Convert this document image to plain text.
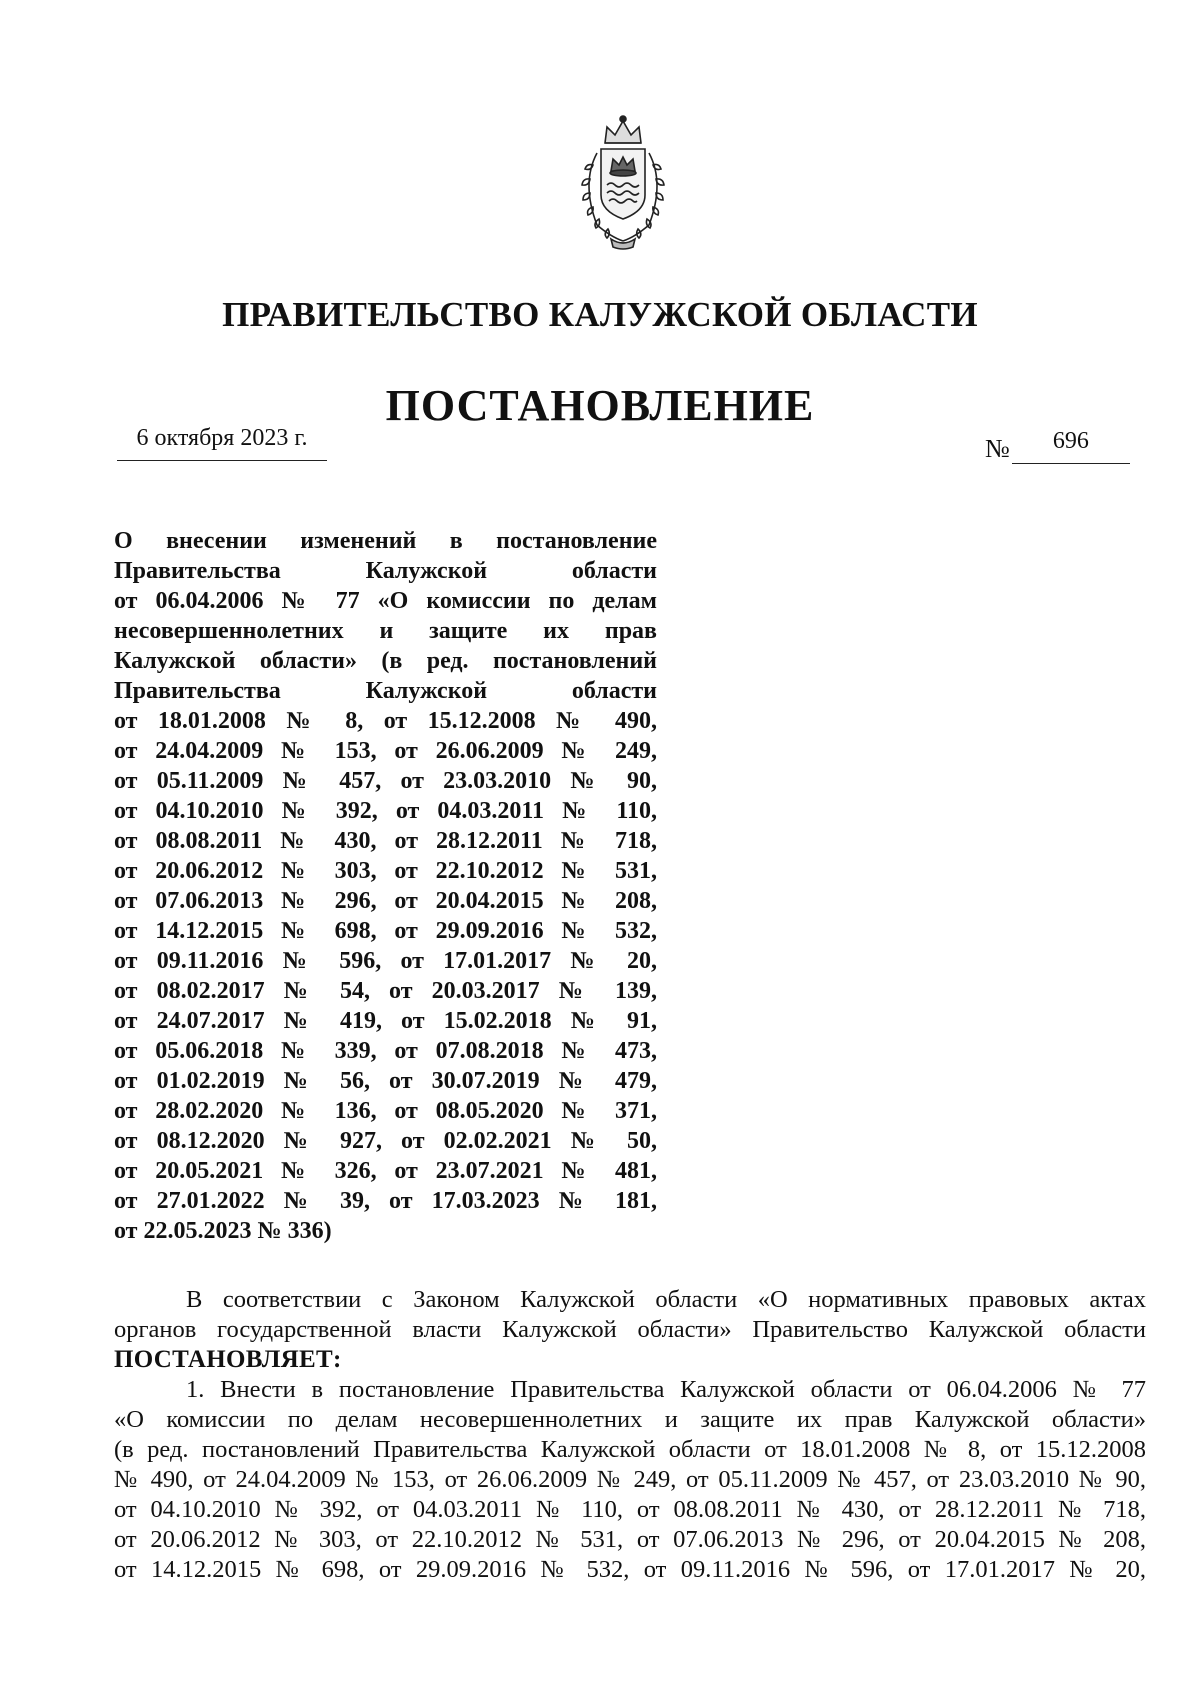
ПРАВИТЕЛЬСТВО КАЛУЖСКОЙ ОБЛАСТИ
ПОСТАНОВЛЕНИЕ
6 октября 2023 г.	№ 696
О внесении изменений в постановление
Правительства Калужской области
от 06.04.2006 № 77 «О комиссии по делам
несовершеннолетних и защите их прав
Калужской области» (в ред. постановлений
Правительства Калужской области
от 18.01.2008 № 8, от 15.12.2008 № 490,
от 24.04.2009 № 153, от 26.06.2009 № 249,
от 05.11.2009 № 457, от 23.03.2010 № 90,
от 04.10.2010 № 392, от 04.03.2011 № 110,
от 08.08.2011 № 430, от 28.12.2011 № 718,
от 20.06.2012 № 303, от 22.10.2012 № 531,
от 07.06.2013 № 296, от 20.04.2015 № 208,
от 14.12.2015 № 698, от 29.09.2016 № 532,
от 09.11.2016 № 596, от 17.01.2017 № 20,
от 08.02.2017 № 54, от 20.03.2017 № 139,
от 24.07.2017 № 419, от 15.02.2018 № 91,
от 05.06.2018 № 339, от 07.08.2018 № 473,
от 01.02.2019 № 56, от 30.07.2019 № 479,
от 28.02.2020 № 136, от 08.05.2020 № 371,
от 08.12.2020 № 927, от 02.02.2021 № 50,
от 20.05.2021 № 326, от 23.07.2021 № 481,
от 27.01.2022 № 39, от 17.03.2023 № 181,
от 22.05.2023 № 336)
В соответствии с Законом Калужской области «О нормативных правовых актах
органов государственной власти Калужской области» Правительство Калужской области
ПОСТАНОВЛЯЕТ:
1. Внести в постановление Правительства Калужской области от 06.04.2006 № 77
«О комиссии по делам несовершеннолетних и защите их прав Калужской области»
(в ред. постановлений Правительства Калужской области от 18.01.2008 № 8, от 15.12.2008
№ 490, от 24.04.2009 № 153, от 26.06.2009 № 249, от 05.11.2009 № 457, от 23.03.2010 № 90,
от 04.10.2010 № 392, от 04.03.2011 № 110, от 08.08.2011 № 430, от 28.12.2011 № 718,
от 20.06.2012 № 303, от 22.10.2012 № 531, от 07.06.2013 № 296, от 20.04.2015 № 208,
от 14.12.2015 № 698, от 29.09.2016 № 532, от 09.11.2016 № 596, от 17.01.2017 № 20,
